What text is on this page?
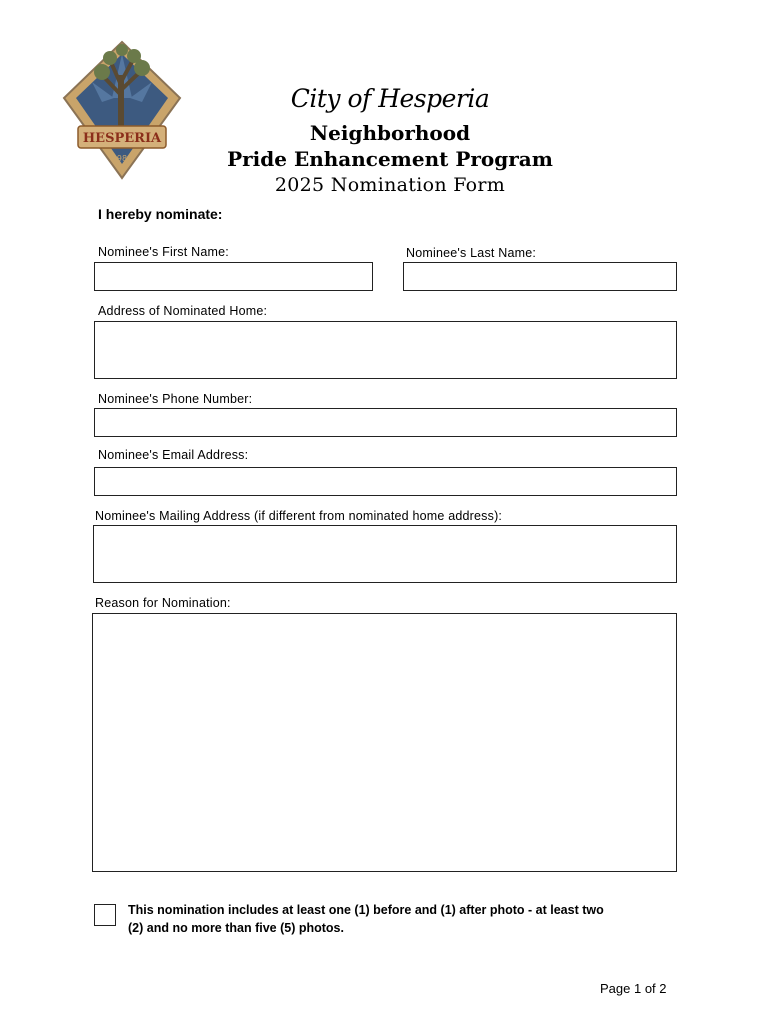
HESPERIA
1988
City of Hesperia
Neighborhood
Pride Enhancement Program
2025 Nomination Form
I hereby nominate:
Nominee's First Name:	Nominee's Last Name:
Address of Nominated Home:
Nominee's Phone Number:
Nominee's Email Address:
Nominee's Mailing Address (if different from nominated home address):
Reason for Nomination:
This nomination includes at least one (1) before and (1) after photo - at least two (2) and no more than five (5) photos.
Page 1 of 2
